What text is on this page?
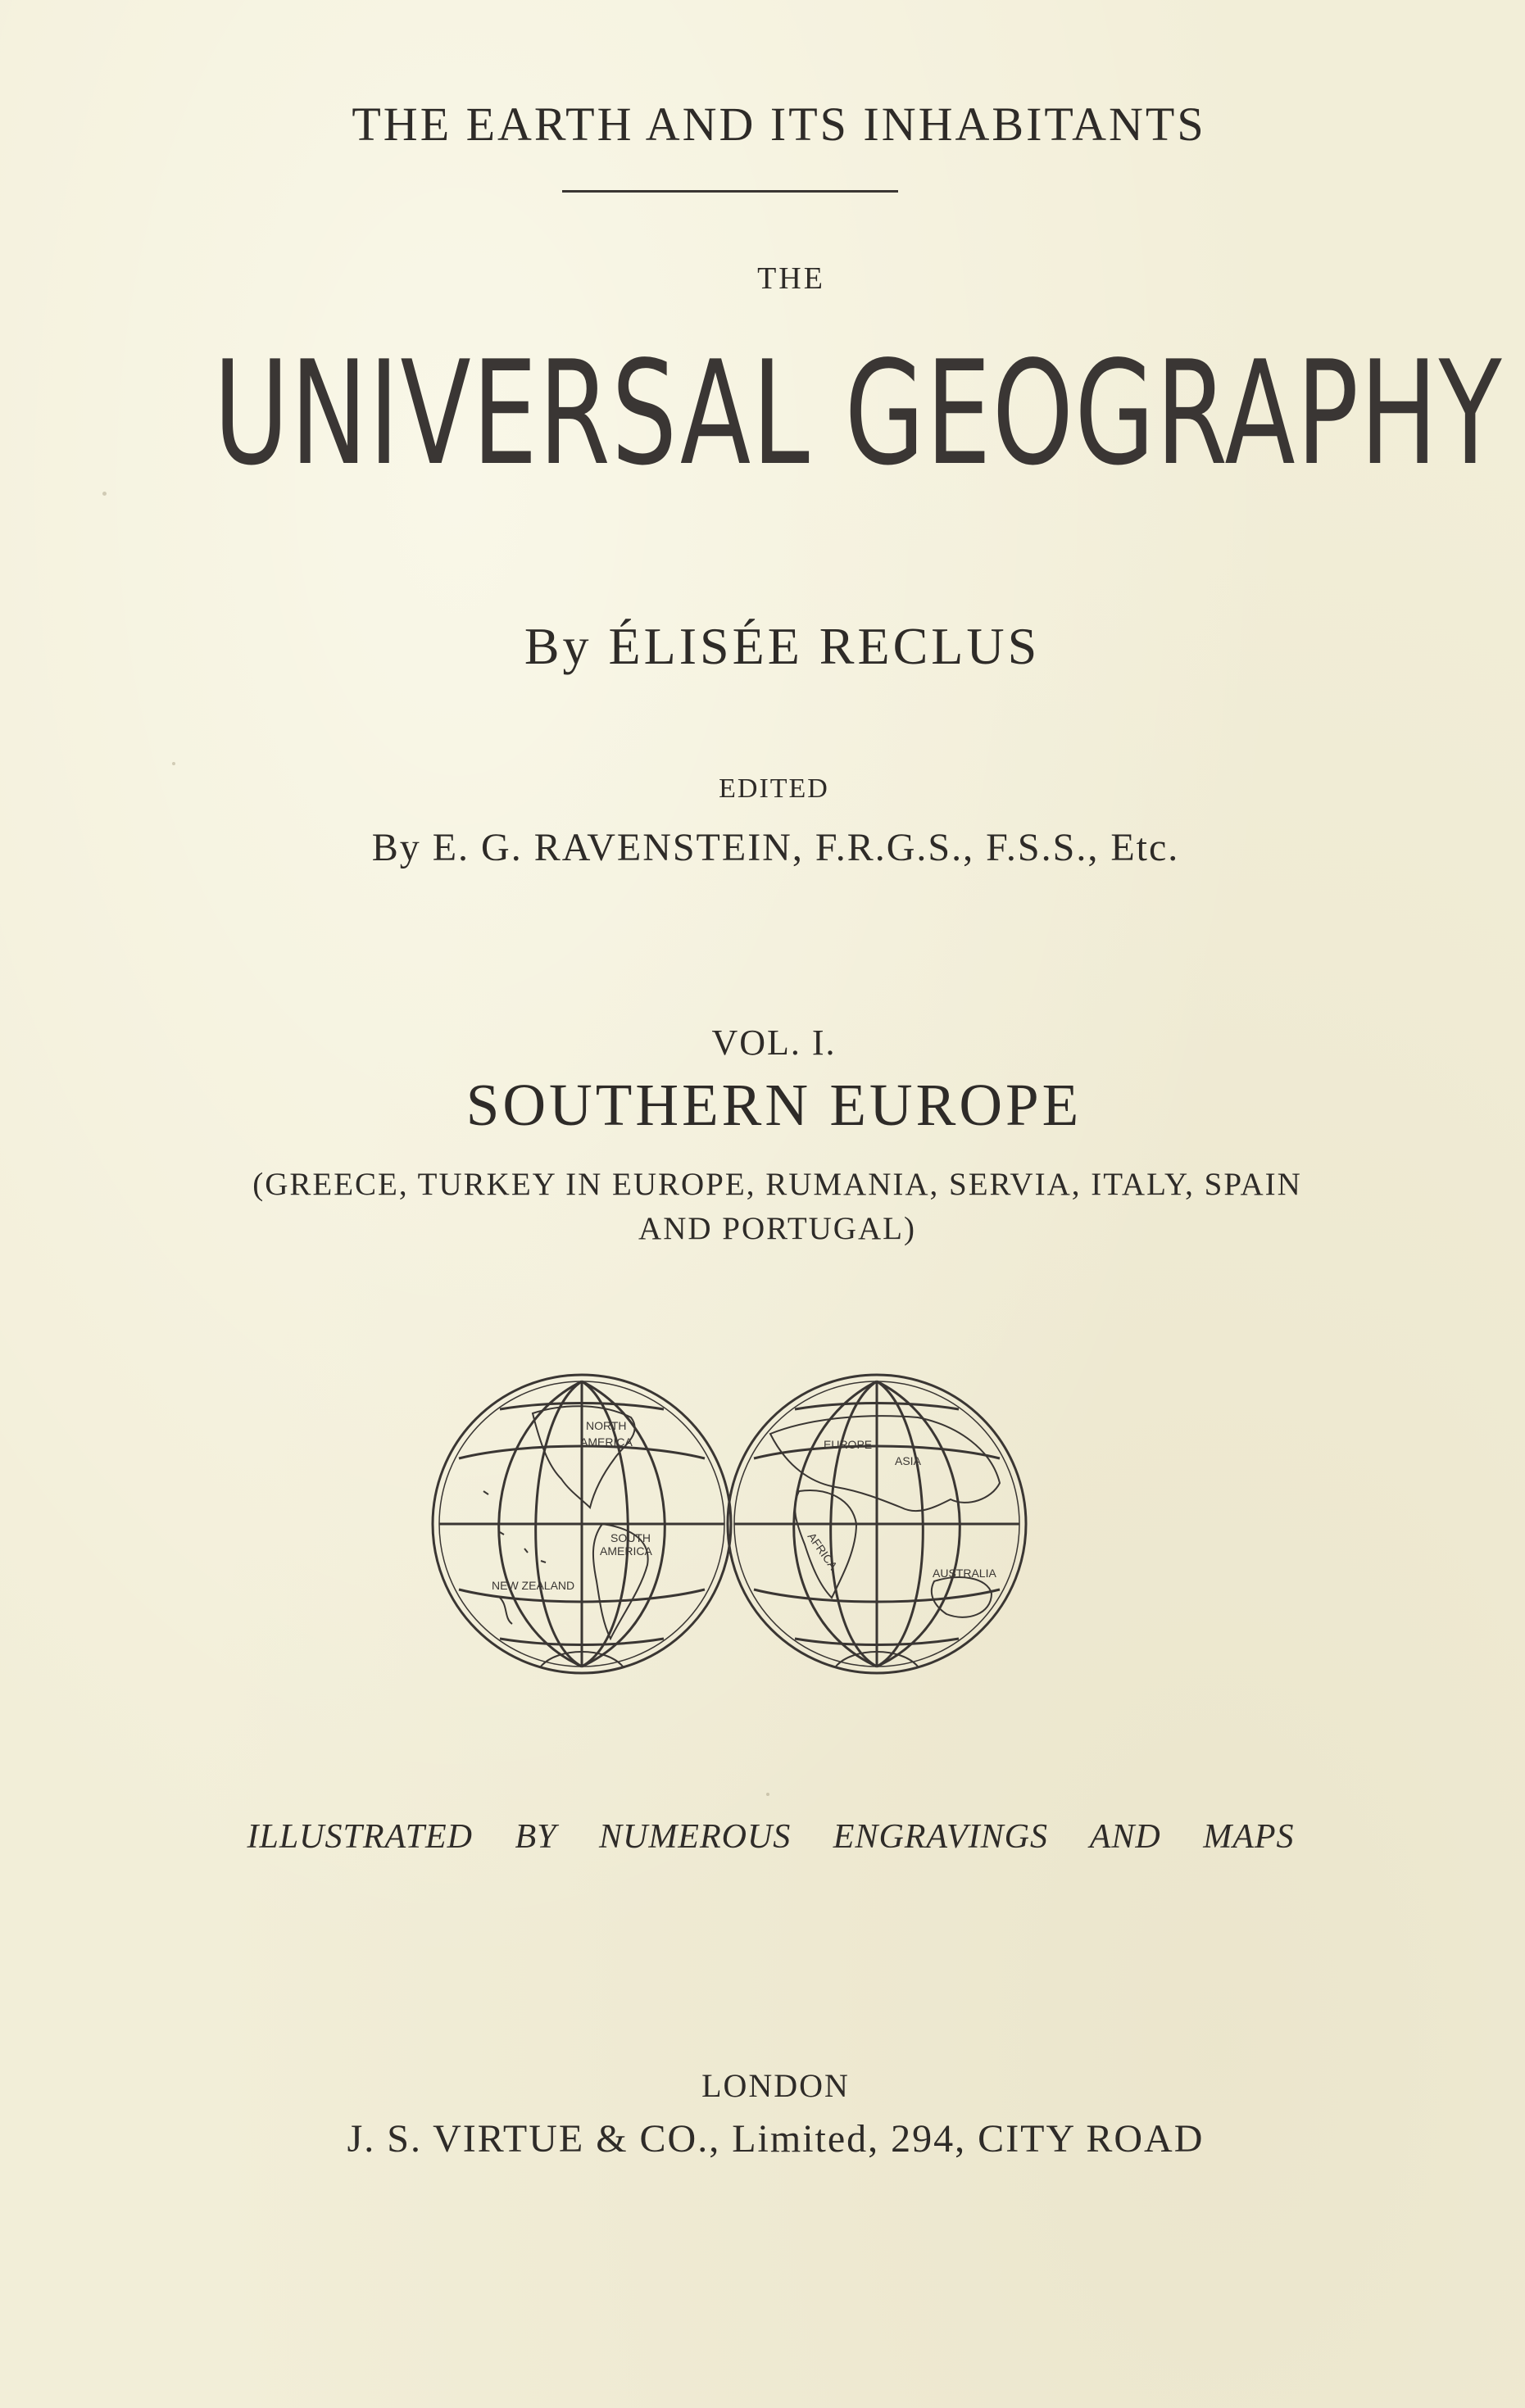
THE EARTH AND ITS INHABITANTS
THE
UNIVERSAL GEOGRAPHY
By ÉLISÉE RECLUS
EDITED
By E. G. RAVENSTEIN, F.R.G.S., F.S.S., Etc.
VOL. I.
SOUTHERN EUROPE
(GREECE, TURKEY IN EUROPE, RUMANIA, SERVIA, ITALY, SPAIN
AND PORTUGAL)
NORTH
AMERICA
SOUTH
AMERICA
NEW ZEALAND
EUROPE
ASIA
AFRICA
AUSTRALIA
ILLUSTRATED BY NUMEROUS ENGRAVINGS AND MAPS
LONDON
J. S. VIRTUE & CO., Limited, 294, CITY ROAD
